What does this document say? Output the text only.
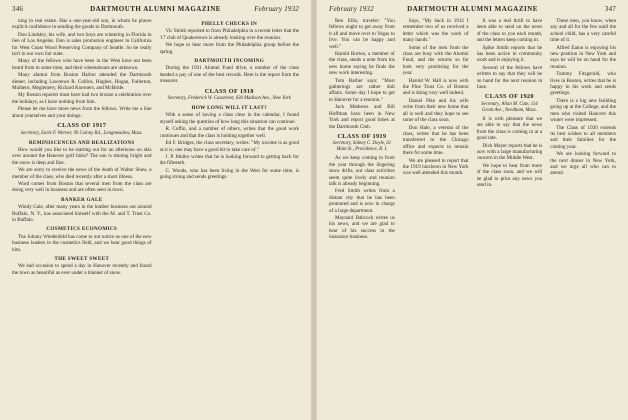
346	DARTMOUTH ALUMNI MAGAZINE	February 1932

ning in real estate. Has a one-year-old son, in whom he places explicit confidence in sending the goods to Dartmouth.

Don Lindsley, his wife, and two boys are wintering in Florida in lieu of Los Angeles. Don is sales promotion engineer in California for West Coast Wood Preserving Company of Seattle. So he really isn't in our own fair state.

Many of the fellows who have been in the West have not been heard from in some time, and their whereabouts are unknown.

Many alumni from Boston Harbor attended the Dartmouth dinner, including Lawrence R. Collins, Hughes, Hogan, Fullerton, Mulhern, Meglemery, Richard Kuerners, and McBride.

My Boston reporter must have had two bronze a celebration over the holidays, as I have nothing from him.

Please let me have more news from the fellows. Write me a line about yourselves and your doings.

CLASS OF 1917
Secretary, Earle F. Werner, 90 Colony Rd., Longmeadow, Mass.
REMINISCENCES AND REALIZATIONS

How would you like to be starting out for an afternoon on skis over around the Hanover golf links? The sun is shining bright and the snow is deep and fine.

We are sorry to receive the news of the death of Walter Shaw, a member of the class, who died recently after a short illness.

Word comes from Boston that several men from the class are doing very well in business and are often seen in town.

BANKER GALE

Windy Gale, after many years in the lumber business out around Buffalo, N. Y., has associated himself with the M. and T. Trust Co. in Buffalo.

COSMETICS ECONOMICS

The Johnny Wiedenfeld has come to our notice as one of the new business leaders in the cosmetics field, and we hear good things of him.

THE SWEET SWEET

We had occasion to spend a day in Hanover recently and found the town as beautiful as ever under a blanket of snow.

PHELLY CHECKS IN

Vic Smith reported to from Philadelphia in a recent letter that the '17 club of Quakertown is already looking over the reunion.

We hope to hear more from the Philadelphia group before the spring.

DARTMOUTH INCOMING

During the 1931 Alumni Fund drive, a number of the class headed a pay of one of the best records. Here is the report from the treasurer.

CLASS OF 1918
Secretary, Frederick W. Cassebeer, 630 Madison Ave., New York
HOW LONG WILL IT LAST?

With a sense of having a class clear in the calendar, I found myself asking the question of how long this situation can continue.

R. Coffin, and a number of others, writes that the good work continues and that the class is holding together well.

Ed F. Bridges, the class secretary, writes: "My income is as good as it is; one may have a good bit to take care of."

J. P. Muller writes that he is looking forward to getting back for the fifteenth.

C. Woods, who has been living in the West for some time, is going strong and sends greetings.

February 1932	DARTMOUTH ALUMNI MAGAZINE	347

Ben Ellis, traveler: "You fellows ought to get away from it all and move over to Vegas to live. You can be happy and well."

Harold Burton, a member of the class, sends a note from his new home saying he finds the new work interesting.

Tom Barber says: "Most gatherings are rather dull affairs. Some day I hope to get to Hanover for a reunion."

Jack Mathews and Bill Hoffman have been in New York and report good times at the Dartmouth Club.

CLASS OF 1919
Secretary, Sidney C. Doyle, 61 Main St., Providence, R. I.

As we keep coming in from the year through the lingering snow drifts, our class activities seem quite lively and reunion talk is already beginning.

Fred Smith writes from a distant city that he has been promoted and is now in charge of a large department.

Maynard Babcock writes us his news, and we are glad to hear of his success in the insurance business.

Says, "My back in 1912 I remember two of us received a letter which was the work of many hands."

Some of the men from the class are busy with the Alumni Fund, and the returns so far look very promising for the year.

Harold W. Hall is now with the Pine Trust Co. of Boston and is doing very well indeed.

Daniel Pike and his wife write from their new home that all is well and they hope to see some of the class soon.

Don Hale, a veteran of the class, writes that he has been transferred to the Chicago office and expects to remain there for some time.

We are pleased to report that the 1919 luncheon in New York was well attended this month.

It was a real thrill to have been able to send on the news of the class to you each month, and the letters keep coming in.

Spike Smith reports that he has been active in community work and is enjoying it.

Several of the fellows have written to say that they will be on hand for the next reunion in June.

CLASS OF 1920
Secretary, Allan M. Cate, 114 Grant Ave., Needham, Mass.

It is with pleasure that we are able to say that the news from the class is coming in at a good rate.

Dick Mayer reports that he is now with a large manufacturing concern in the Middle West.

We hope to hear from more of the class soon, and we will be glad to print any news you send in.

These men, you know, when any and all for the few until the school child, has a very careful time of it.

Alfred Eaton is enjoying his new position in New York and says he will be on hand for the reunion.

Tommy Fitzgerald, who lives in Boston, writes that he is happy in his work and sends greetings.

There is a big new building going up at the College, and the men who visited Hanover this winter were impressed.

The Class of 1920 extends its best wishes to all members and their families for the coming year.

We are looking forward to the next dinner in New York, and we urge all who can to attend.
